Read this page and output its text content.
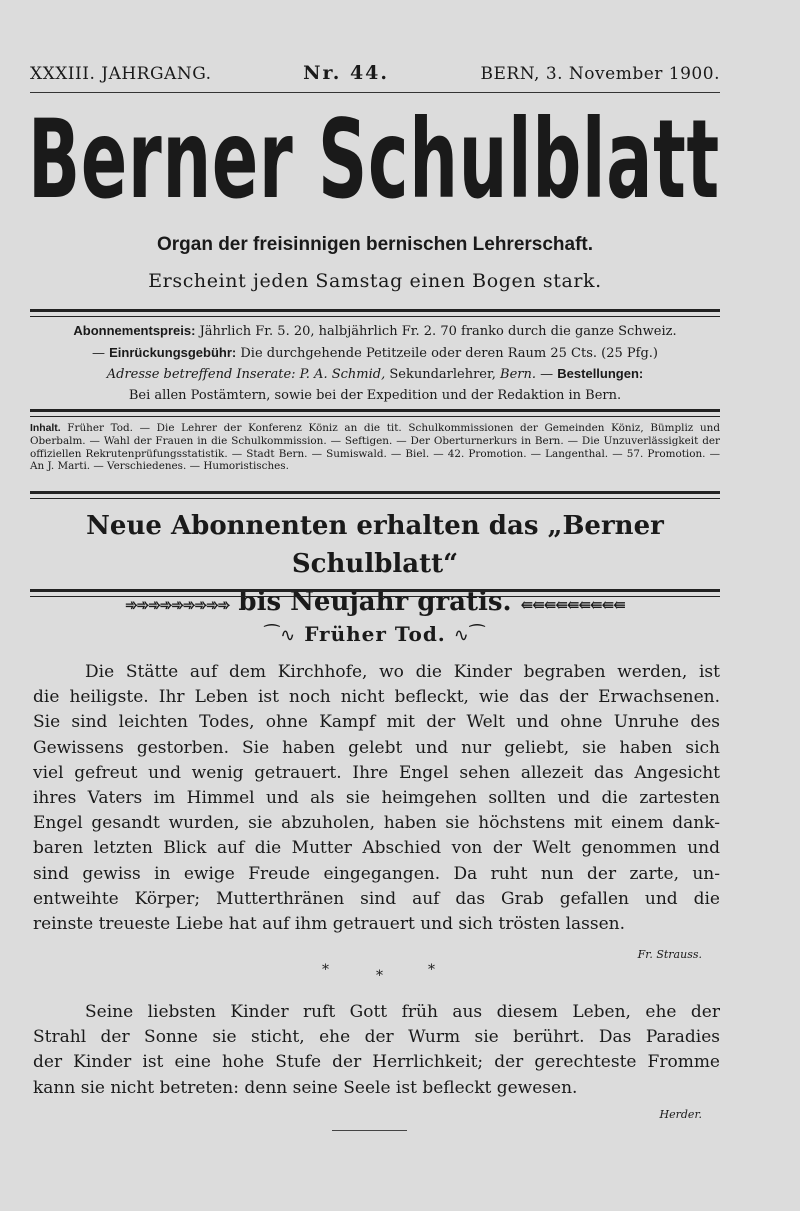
XXXIII. JAHRGANG.	Nr. 44.	BERN, 3. November 1900.
Berner Schulblatt
Organ der freisinnigen bernischen Lehrerschaft.
Erscheint jeden Samstag einen Bogen stark.
Abonnementspreis: Jährlich Fr. 5. 20, halbjährlich Fr. 2. 70 franko durch die ganze Schweiz.
— Einrückungsgebühr: Die durchgehende Petitzeile oder deren Raum 25 Cts. (25 Pfg.)
Adresse betreffend Inserate: P. A. Schmid, Sekundarlehrer, Bern. — Bestellungen:
Bei allen Postämtern, sowie bei der Expedition und der Redaktion in Bern.
Inhalt. Früher Tod. — Die Lehrer der Konferenz Köniz an die tit. Schulkommissionen der Gemeinden Köniz, Bümpliz und Oberbalm. — Wahl der Frauen in die Schulkommission. — Seftigen. — Der Oberturnerkurs in Bern. — Die Unzuverlässigkeit der offiziellen Rekrutenprüfungsstatistik. — Stadt Bern. — Sumiswald. — Biel. — 42. Promotion. — Langenthal. — 57. Promotion. — An J. Marti. — Verschiedenes. — Humoristisches.
Neue Abonnenten erhalten das „Berner Schulblatt“
➾➾➾➾➾➾➾➾➾ bis Neujahr gratis. ⇚⇚⇚⇚⇚⇚⇚⇚⇚
⁀∿ Früher Tod. ∿⁀
Die Stätte auf dem Kirchhofe, wo die Kinder begraben werden, ist
die heiligste. Ihr Leben ist noch nicht befleckt, wie das der Erwachsenen.
Sie sind leichten Todes, ohne Kampf mit der Welt und ohne Unruhe des
Gewissens gestorben. Sie haben gelebt und nur geliebt, sie haben sich
viel gefreut und wenig getrauert. Ihre Engel sehen allezeit das Angesicht
ihres Vaters im Himmel und als sie heimgehen sollten und die zartesten
Engel gesandt wurden, sie abzuholen, haben sie höchstens mit einem dank-
baren letzten Blick auf die Mutter Abschied von der Welt genommen und
sind gewiss in ewige Freude eingegangen. Da ruht nun der zarte, un-
entweihte Körper; Mutterthränen sind auf das Grab gefallen und die
reinste treueste Liebe hat auf ihm getrauert und sich trösten lassen.
Fr. Strauss.
*	*	*
Seine liebsten Kinder ruft Gott früh aus diesem Leben, ehe der
Strahl der Sonne sie sticht, ehe der Wurm sie berührt. Das Paradies
der Kinder ist eine hohe Stufe der Herrlichkeit; der gerechteste Fromme
kann sie nicht betreten: denn seine Seele ist befleckt gewesen.
Herder.
